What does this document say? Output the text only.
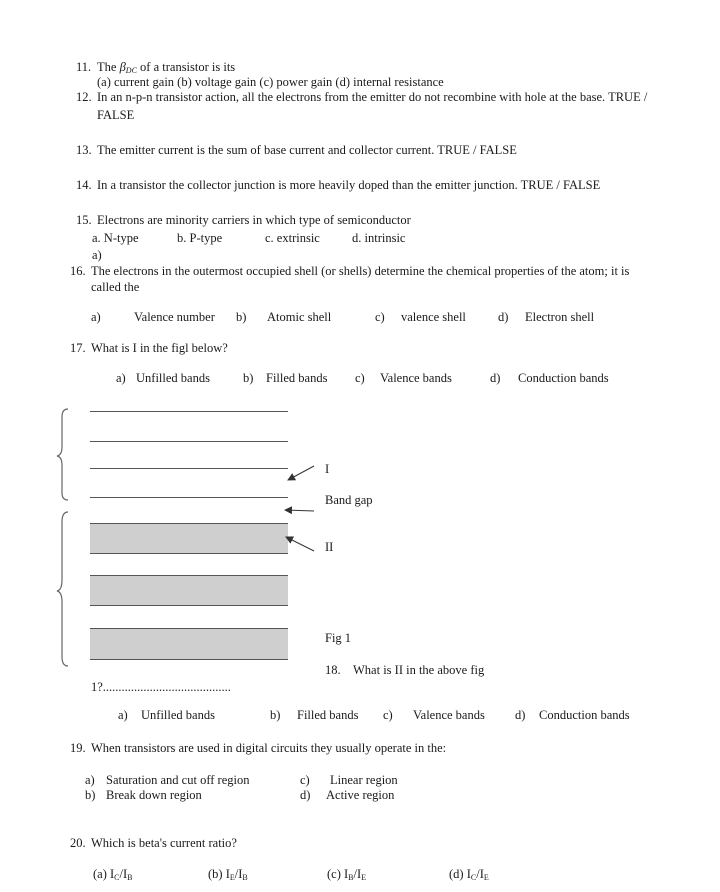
11. The $\beta_{DC}$ of a transistor is its
(a) current gain (b) voltage gain (c) power gain (d) internal resistance
12. In an n-p-n transistor action, all the electrons from the emitter do not recombine with hole at the base. TRUE /
FALSE
13. The emitter current is the sum of base current and collector current. TRUE / FALSE
14. In a transistor the collector junction is more heavily doped than the emitter junction. TRUE / FALSE
15. Electrons are minority carriers in which type of semiconductor
a. N-type	b. P-type	c. extrinsic	d. intrinsic
a)
16. The electrons in the outermost occupied shell (or shells) determine the chemical properties of the atom; it is
called the
a)	Valence number b) Atomic shell	c) valence shell	d) Electron shell
17. What is I in the figl below?
a) Unfilled bands	b) Filled bands c) Valence bands	d) Conduction bands
I
Band gap
II
Fig 1
18. What is II in the above fig
1?.........................................
a) Unfilled bands	b) Filled bands c) Valence bands d) Conduction bands
19. When transistors are used in digital circuits they usually operate in the:
a) Saturation and cut off region
b) Break down region
c) Linear region
d) Active region
20. Which is beta's current ratio?
(a) $I_C/I_B$	(b) $I_E/I_B$	(c) $I_B/I_E$	(d) $I_C/I_E$
